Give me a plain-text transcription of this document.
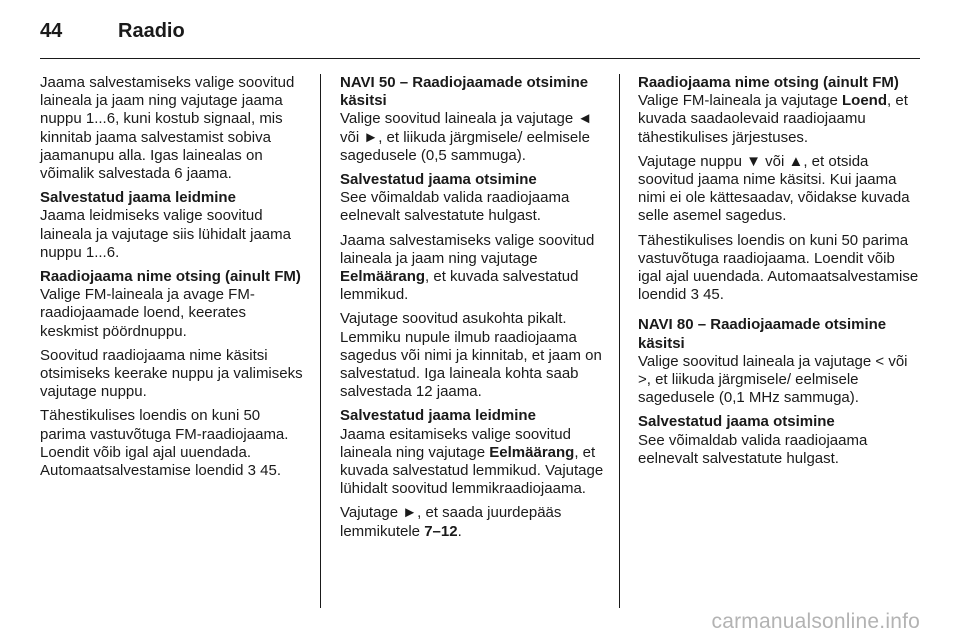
44	Raadio

Jaama salvestamiseks valige soovitud laineala ja jaam ning vajutage jaama nuppu 1...6, kuni kostub signaal, mis kinnitab jaama salvestamist sobiva jaamanupu alla. Igas lainealas on võimalik salvestada 6 jaama.

Salvestatud jaama leidmine

Jaama leidmiseks valige soovitud laineala ja vajutage siis lühidalt jaama nuppu 1...6.

Raadiojaama nime otsing (ainult FM)

Valige FM-laineala ja avage FM-raadiojaamade loend, keerates keskmist pöördnuppu.

Soovitud raadiojaama nime käsitsi otsimiseks keerake nuppu ja valimiseks vajutage nuppu.

Tähestikulises loendis on kuni 50 parima vastuvõtuga FM-raadiojaama. Loendit võib igal ajal uuendada. Automaatsalvestamise loendid 3 45.

NAVI 50 – Raadiojaamade otsimine käsitsi

Valige soovitud laineala ja vajutage ◄ või ►, et liikuda järgmisele/ eelmisele sagedusele (0,5 sammuga).

Salvestatud jaama otsimine

See võimaldab valida raadiojaama eelnevalt salvestatute hulgast.

Jaama salvestamiseks valige soovitud laineala ja jaam ning vajutage Eelmäärang, et kuvada salvestatud lemmikud.

Vajutage soovitud asukohta pikalt. Lemmiku nupule ilmub raadiojaama sagedus või nimi ja kinnitab, et jaam on salvestatud. Iga laineala kohta saab salvestada 12 jaama.

Salvestatud jaama leidmine

Jaama esitamiseks valige soovitud laineala ning vajutage Eelmäärang, et kuvada salvestatud lemmikud. Vajutage lühidalt soovitud lemmikraadiojaama.

Vajutage ►, et saada juurdepääs lemmikutele 7–12.

Raadiojaama nime otsing (ainult FM)

Valige FM-laineala ja vajutage Loend, et kuvada saadaolevaid raadiojaamu tähestikulises järjestuses.

Vajutage nuppu ▼ või ▲, et otsida soovitud jaama nime käsitsi. Kui jaama nimi ei ole kättesaadav, võidakse kuvada selle asemel sagedus.

Tähestikulises loendis on kuni 50 parima vastuvõtuga raadiojaama. Loendit võib igal ajal uuendada. Automaatsalvestamise loendid 3 45.

NAVI 80 – Raadiojaamade otsimine käsitsi

Valige soovitud laineala ja vajutage < või >, et liikuda järgmisele/ eelmisele sagedusele (0,1 MHz sammuga).

Salvestatud jaama otsimine

See võimaldab valida raadiojaama eelnevalt salvestatute hulgast.

carmanualsonline.info
